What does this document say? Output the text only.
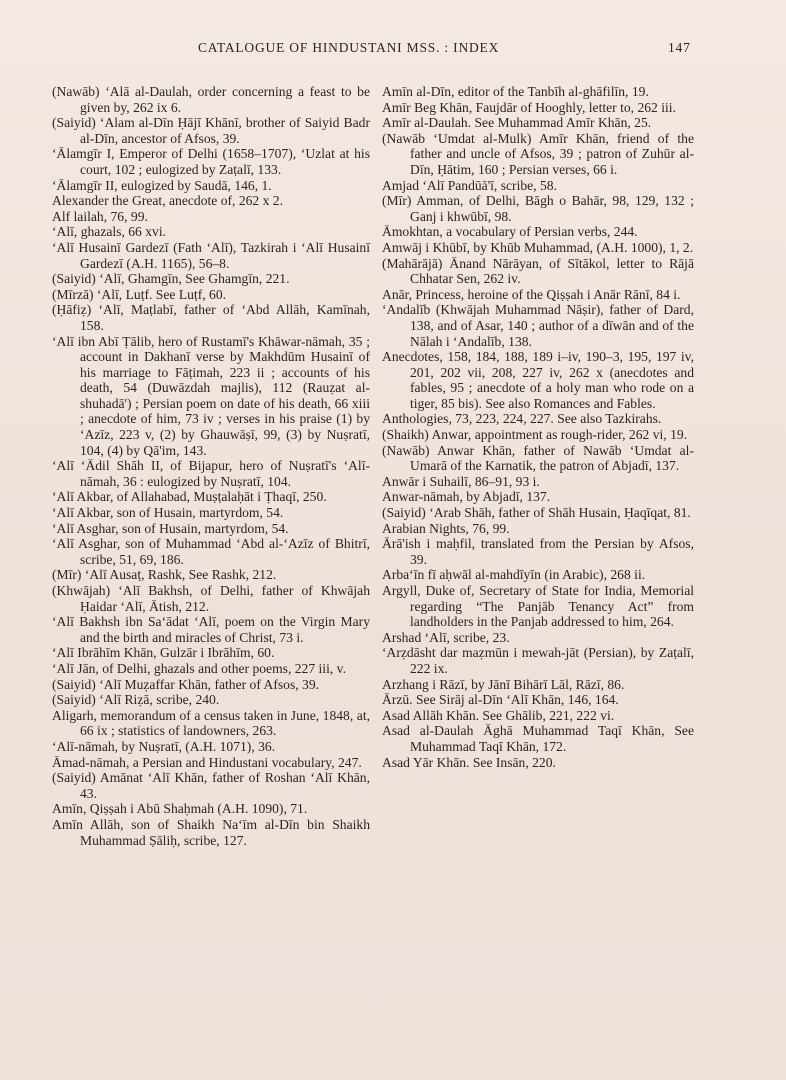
CATALOGUE OF HINDUSTANI MSS. : INDEX	147

(Nawāb) ‘Alā al-Daulah, order concerning a feast to be given by, 262 ix 6.

(Saiyid) ‘Alam al-Dīn Ḥājī Khānī, brother of Saiyid Badr al-Dīn, ancestor of Afsos, 39.

‘Ālamgīr I, Emperor of Delhi (1658–1707), ‘Uzlat at his court, 102 ; eulogized by Zaṭalī, 133.

‘Ālamgīr II, eulogized by Saudā, 146, 1.

Alexander the Great, anecdote of, 262 x 2.

Alf lailah, 76, 99.

‘Alī, ghazals, 66 xvi.

‘Alī Husainī Gardezī (Fath ‘Alī), Tazkirah i ‘Alī Husainī Gardezī (A.H. 1165), 56–8.

(Saiyid) ‘Alī, Ghamgīn, See Ghamgīn, 221.

(Mīrzā) ‘Alī, Luṭf. See Luṭf, 60.

(Ḥāfiẓ) ‘Alī, Maṭlabī, father of ‘Abd Allāh, Kamīnah, 158.

‘Alī ibn Abī Ṭālib, hero of Rustamī's Khāwar-nāmah, 35 ; account in Dakhanī verse by Makhdūm Husainī of his marriage to Fāṭimah, 223 ii ; accounts of his death, 54 (Duwāzdah majlis), 112 (Rauẓat al-shuhadā') ; Persian poem on date of his death, 66 xiii ; anecdote of him, 73 iv ; verses in his praise (1) by ‘Azīz, 223 v, (2) by Ghauwāṣī, 99, (3) by Nuṣratī, 104, (4) by Qā'im, 143.

‘Alī ‘Ādil Shāh II, of Bijapur, hero of Nuṣratī's ‘Alī-nāmah, 36 : eulogized by Nuṣratī, 104.

‘Alī Akbar, of Allahabad, Muṣṭalaḥāt i Ṭhaqī, 250.

‘Alī Akbar, son of Husain, martyrdom, 54.

‘Alī Asghar, son of Husain, martyrdom, 54.

‘Alī Asghar, son of Muhammad ‘Abd al-‘Azīz of Bhitrī, scribe, 51, 69, 186.

(Mīr) ‘Alī Ausaṭ, Rashk, See Rashk, 212.

(Khwājah) ‘Alī Bakhsh, of Delhi, father of Khwājah Ḥaidar ‘Alī, Ātish, 212.

‘Alī Bakhsh ibn Sa‘ādat ‘Alī, poem on the Virgin Mary and the birth and miracles of Christ, 73 i.

‘Alī Ibrāhīm Khān, Gulzār i Ibrāhīm, 60.

‘Alī Jān, of Delhi, ghazals and other poems, 227 iii, v.

(Saiyid) ‘Alī Muẓaffar Khān, father of Afsos, 39.

(Saiyid) ‘Alī Riẓā, scribe, 240.

Aligarh, memorandum of a census taken in June, 1848, at, 66 ix ; statistics of landowners, 263.

‘Alī-nāmah, by Nuṣratī, (A.H. 1071), 36.

Āmad-nāmah, a Persian and Hindustani vocabulary, 247.

(Saiyid) Amānat ‘Alī Khān, father of Roshan ‘Alī Khān, 43.

Amīn, Qiṣṣah i Abū Shaḥmah (A.H. 1090), 71.

Amīn Allāh, son of Shaikh Na‘īm al-Dīn bin Shaikh Muhammad Ṣāliḥ, scribe, 127.

Amīn al-Dīn, editor of the Tanbīh al-ghāfilīn, 19.

Amīr Beg Khān, Faujdār of Hooghly, letter to, 262 iii.

Amīr al-Daulah. See Muhammad Amīr Khān, 25.

(Nawāb ‘Umdat al-Mulk) Amīr Khān, friend of the father and uncle of Afsos, 39 ; patron of Zuhūr al-Dīn, Ḥātim, 160 ; Persian verses, 66 i.

Amjad ‘Alī Pandūā'ī, scribe, 58.

(Mīr) Amman, of Delhi, Bāgh o Bahār, 98, 129, 132 ; Ganj i khwūbī, 98.

Āmokhtan, a vocabulary of Persian verbs, 244.

Amwāj i Khūbī, by Khūb Muhammad, (A.H. 1000), 1, 2.

(Mahārājā) Ānand Nārāyan, of Sītākol, letter to Rājā Chhatar Sen, 262 iv.

Anār, Princess, heroine of the Qiṣṣah i Anār Rānī, 84 i.

‘Andalīb (Khwājah Muhammad Nāṣir), father of Dard, 138, and of Asar, 140 ; author of a dīwān and of the Nālah i ‘Andalīb, 138.

Anecdotes, 158, 184, 188, 189 i–iv, 190–3, 195, 197 iv, 201, 202 vii, 208, 227 iv, 262 x (anecdotes and fables, 95 ; anecdote of a holy man who rode on a tiger, 85 bis). See also Romances and Fables.

Anthologies, 73, 223, 224, 227. See also Tazkirahs.

(Shaikh) Anwar, appointment as rough-rider, 262 vi, 19.

(Nawāb) Anwar Khān, father of Nawāb ‘Umdat al-Umarā of the Karnatik, the patron of Abjadī, 137.

Anwār i Suhailī, 86–91, 93 i.

Anwar-nāmah, by Abjadī, 137.

(Saiyid) ‘Arab Shāh, father of Shāh Husain, Ḥaqīqat, 81.

Arabian Nights, 76, 99.

Ārā'ish i maḥfil, translated from the Persian by Afsos, 39.

Arba‘īn fī aḥwāl al-mahdīyīn (in Arabic), 268 ii.

Argyll, Duke of, Secretary of State for India, Memorial regarding “The Panjāb Tenancy Act” from landholders in the Panjab addressed to him, 264.

Arshad ‘Alī, scribe, 23.

‘Arẓdāsht dar maẓmūn i mewah-jāt (Persian), by Zaṭalī, 222 ix.

Arzhang i Rāzī, by Jānī Bihārī Lāl, Rāzī, 86.

Ārzū. See Sirāj al-Dīn ‘Alī Khān, 146, 164.

Asad Allāh Khān. See Ghālib, 221, 222 vi.

Asad al-Daulah Āghā Muhammad Taqī Khān, See Muhammad Taqī Khān, 172.

Asad Yār Khān. See Insān, 220.
